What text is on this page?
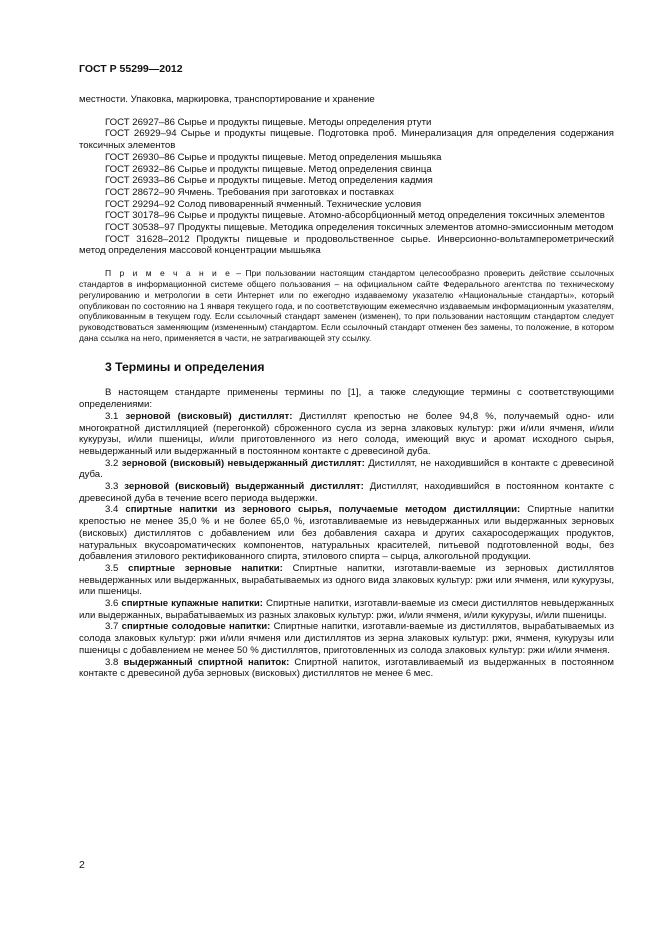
ГОСТ Р 55299—2012

местности. Упаковка, маркировка, транспортирование и хранение

ГОСТ 26927–86 Сырье и продукты пищевые. Методы определения ртути

ГОСТ 26929–94 Сырье и продукты пищевые. Подготовка проб. Минерализация для определения содержания токсичных элементов

ГОСТ 26930–86 Сырье и продукты пищевые. Метод определения мышьяка

ГОСТ 26932–86 Сырье и продукты пищевые. Метод определения свинца

ГОСТ 26933–86 Сырье и продукты пищевые. Метод определения кадмия

ГОСТ 28672–90 Ячмень. Требования при заготовках и поставках

ГОСТ 29294–92 Солод пивоваренный ячменный. Технические условия

ГОСТ 30178–96 Сырье и продукты пищевые. Атомно-абсорбционный метод определения токсичных элементов

ГОСТ 30538–97 Продукты пищевые. Методика определения токсичных элементов атомно-эмиссионным методом

ГОСТ 31628–2012 Продукты пищевые и продовольственное сырье. Инверсионно-вольтамперометрический метод определения массовой концентрации мышьяка

П р и м е ч а н и е – При пользовании настоящим стандартом целесообразно проверить действие ссылочных стандартов в информационной системе общего пользования – на официальном сайте Федерального агентства по техническому регулированию и метрологии в сети Интернет или по ежегодно издаваемому указателю «Национальные стандарты», который опубликован по состоянию на 1 января текущего года, и по соответствующим ежемесячно издаваемым информационным указателям, опубликованным в текущем году. Если ссылочный стандарт заменен (изменен), то при пользовании настоящим стандартом следует руководствоваться заменяющим (измененным) стандартом. Если ссылочный стандарт отменен без замены, то положение, в котором дана ссылка на него, применяется в части, не затрагивающей эту ссылку.

3 Термины и определения

В настоящем стандарте применены термины по [1], а также следующие термины с соответствующими определениями:

3.1 зерновой (висковый) дистиллят: Дистиллят крепостью не более 94,8 %, получаемый одно- или многократной дистилляцией (перегонкой) сброженного сусла из зерна злаковых культур: ржи и/или ячменя, и/или кукурузы, и/или пшеницы, и/или приготовленного из него солода, имеющий вкус и аромат исходного сырья, невыдержанный или выдержанный в постоянном контакте с древесиной дуба.

3.2 зерновой (висковый) невыдержанный дистиллят: Дистиллят, не находившийся в контакте с древесиной дуба.

3.3 зерновой (висковый) выдержанный дистиллят: Дистиллят, находившийся в постоянном контакте с древесиной дуба в течение всего периода выдержки.

3.4 спиртные напитки из зернового сырья, получаемые методом дистилляции: Спиртные напитки крепостью не менее 35,0 % и не более 65,0 %, изготавливаемые из невыдержанных или выдержанных зерновых (висковых) дистиллятов с добавлением или без добавления сахара и других сахаросодержащих продуктов, натуральных вкусоароматических компонентов, натуральных красителей, питьевой подготовленной воды, без добавления этилового ректификованного спирта, этилового спирта – сырца, алкогольной продукции.

3.5 спиртные зерновые напитки: Спиртные напитки, изготавли-ваемые из зерновых дистиллятов невыдержанных или выдержанных, вырабатываемых из одного вида злаковых культур: ржи или ячменя, или кукурузы, или пшеницы.

3.6 спиртные купажные напитки: Спиртные напитки, изготавли-ваемые из смеси дистиллятов невыдержанных или выдержанных, вырабатываемых из разных злаковых культур: ржи, и/или ячменя, и/или кукурузы, и/или пшеницы.

3.7 спиртные солодовые напитки: Спиртные напитки, изготавли-ваемые из дистиллятов, вырабатываемых из солода злаковых культур: ржи и/или ячменя или дистиллятов из зерна злаковых культур: ржи, ячменя, кукурузы или пшеницы с добавлением не менее 50 % дистиллятов, приготовленных из солода злаковых культур: ржи и/или ячменя.

3.8 выдержанный спиртной напиток: Спиртной напиток, изготавливаемый из выдержанных в постоянном контакте с древесиной дуба зерновых (висковых) дистиллятов не менее 6 мес.

2
